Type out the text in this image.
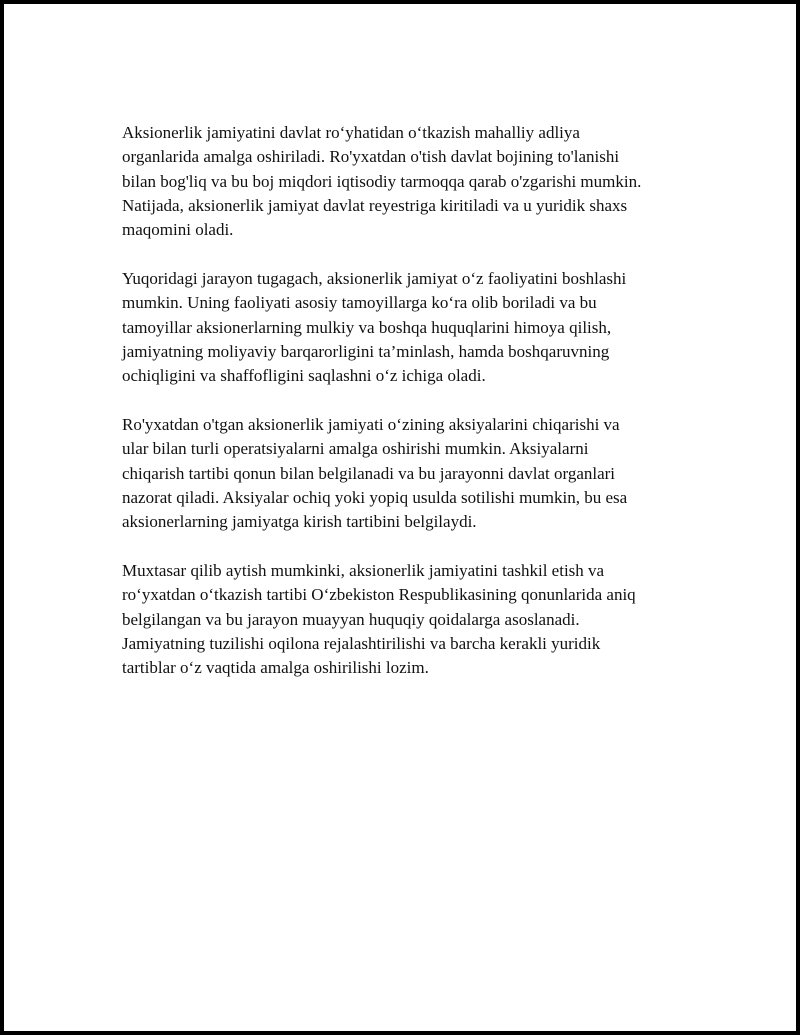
Aksionerlik jamiyatini davlat ro‘yhatidan o‘tkazish mahalliy adliya
organlarida amalga oshiriladi. Ro'yxatdan o'tish davlat bojining to'lanishi
bilan bog'liq va bu boj miqdori iqtisodiy tarmoqqa qarab o'zgarishi mumkin.
Natijada, aksionerlik jamiyat davlat reyestriga kiritiladi va u yuridik shaxs
maqomini oladi.

Yuqoridagi jarayon tugagach, aksionerlik jamiyat o‘z faoliyatini boshlashi
mumkin. Uning faoliyati asosiy tamoyillarga ko‘ra olib boriladi va bu
tamoyillar aksionerlarning mulkiy va boshqa huquqlarini himoya qilish,
jamiyatning moliyaviy barqarorligini ta’minlash, hamda boshqaruvning
ochiqligini va shaffofligini saqlashni o‘z ichiga oladi.

Ro'yxatdan o'tgan aksionerlik jamiyati o‘zining aksiyalarini chiqarishi va
ular bilan turli operatsiyalarni amalga oshirishi mumkin. Aksiyalarni
chiqarish tartibi qonun bilan belgilanadi va bu jarayonni davlat organlari
nazorat qiladi. Aksiyalar ochiq yoki yopiq usulda sotilishi mumkin, bu esa
aksionerlarning jamiyatga kirish tartibini belgilaydi.

Muxtasar qilib aytish mumkinki, aksionerlik jamiyatini tashkil etish va
ro‘yxatdan o‘tkazish tartibi O‘zbekiston Respublikasining qonunlarida aniq
belgilangan va bu jarayon muayyan huquqiy qoidalarga asoslanadi.
Jamiyatning tuzilishi oqilona rejalashtirilishi va barcha kerakli yuridik
tartiblar o‘z vaqtida amalga oshirilishi lozim.
